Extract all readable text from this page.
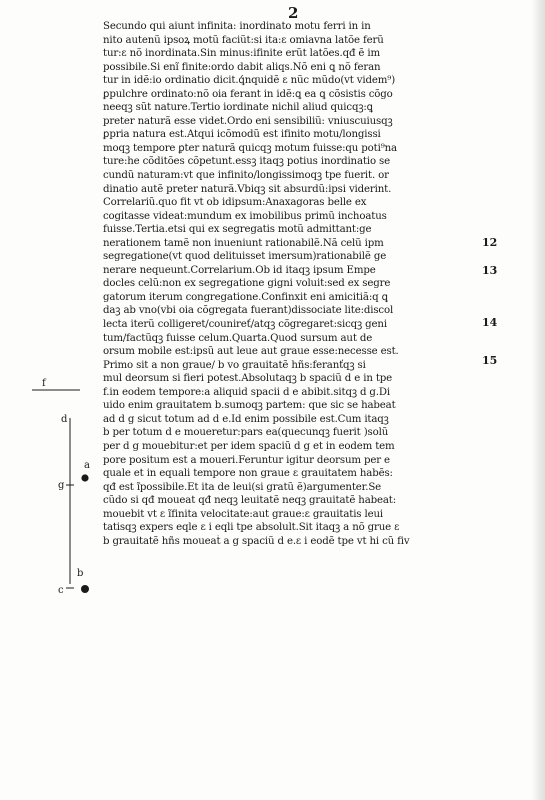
2
Secundo qui aiunt infinita: inordinato motu ferri in in
nito autenũ ipsoꝝ motũ faciũt:si ita:ɛ omiavna latõe ferũ
tur:ɛ nõ inordinata.Sin minus:ifinite erũt latões.qđ ẽ im
possibile.Si enĩ finite:ordo dabit aliqs.Nõ eni ꝗ nõ feran
tur in idẽ:io ordinatio dicit.ꝗ́nquidẽ ɛ nũc mũdo(vt videm⁹)
ꝑpulchre ordinato:nõ oia ferant in idẽ:ꝗ ea ꝗ cõsistis cõgo
neeqꝫ sũt nature.Tertio iordinate nichil aliud quicqꝫ:ꝗ
preter naturã esse videt.Ordo eni sensibiliũ: vniuscuiusqꝫ
ꝑpria natura est.Atqui icõmodũ est ifinito motu/longissi
moqꝫ tempore ꝑter naturã quicqꝫ motum fuisse:qu poti⁹na
ture:he cõditões cõpetunt.essꝫ itaqꝫ potius inordinatio se
cundũ naturam:vt que infinito/longissimoqꝫ tpe fuerit. or
dinatio autẽ preter naturã.Vbiqꝫ sit absurdũ:ipsi viderint.
Correlariũ.quo fit vt ob idipsum:Anaxagoras belle ex
cogitasse videat:mundum ex imobilibus primũ inchoatus
fuisse.Tertia.etsi qui ex segregatis motũ admittant:ge
nerationem tamẽ non inueniunt rationabilẽ.Nã celũ ipm
segregatione(vt quod delituisset imersum)rationabilẽ ge
nerare nequeunt.Correlarium.Ob id itaqꝫ ipsum Empe
docles celũ:non ex segregatione gigni voluit:sed ex segre
gatorum iterum congregatione.Confinxit eni amicitiã:q ꝗ
daꝫ ab vno(vbi oia cõgregata fuerant)dissociate lite:discol
lecta iterũ colligeret/counireť/atqꝫ cõgregaret:sicqꝫ geni
tum/factũqꝫ fuisse celum.Quarta.Quod sursum aut de
orsum mobile est:ipsũ aut leue aut graue esse:necesse est.
Primo sit a non graue/ b vo grauitatẽ hñs:feranťqꝫ si
mul deorsum si fieri potest.Absolutaqꝫ b spaciũ d e in tpe
f.in eodem tempore:a aliquid spacii d e abibit.sitqꝫ d g.Di
uido enim grauitatem b.sumoqꝫ partem: que sic se habeat
ad d g sicut totum ad d e.Id enim possibile est.Cum itaqꝫ
b per totum d e moueretur:pars ea(quecunqꝫ fuerit )solũ
per d g mouebitur:et per idem spaciũ d g et in eodem tem
pore positum est a moueri.Feruntur igitur deorsum per e
quale et in equali tempore non graue ɛ grauitatem habẽs:
qđ est ĩpossibile.Et ita de leui(si gratũ ẽ)argumenter.Se
cũdo si qđ moueat qđ neqꝫ leuitatẽ neqꝫ grauitatẽ habeat:
mouebit vt ɛ ĩfinita velocitate:aut graue:ɛ grauitatis leui
tatisqꝫ expers eqle ɛ i eqli tpe absolult.Sit itaqꝫ a nõ grue ɛ
b grauitatẽ hñs moueaṫ a g spaciũ d e.ɛ i eodẽ tpe vt hi cũ fiv
12
13
14
15
f
d
a
g
b
c
